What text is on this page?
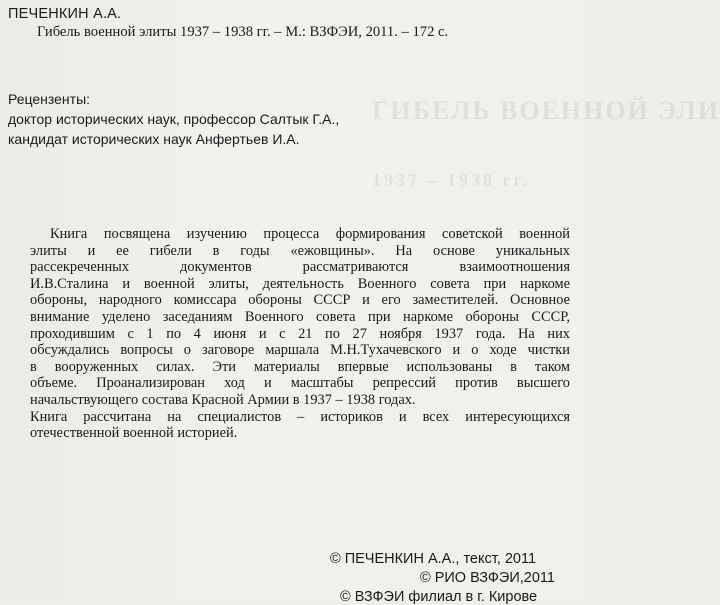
ГИБЕЛЬ ВОЕННОЙ ЭЛИ
1937 – 1938 гг.
ПЕЧЕНКИН А.А.
Гибель военной элиты 1937 – 1938 гг. – М.: ВЗФЭИ, 2011. – 172 с.
Рецензенты:
доктор исторических наук, профессор Салтык Г.А.,
кандидат исторических наук Анфертьев И.А.
Книга посвящена изучению процесса формирования советской военной
элиты и ее гибели в годы «ежовщины». На основе уникальных
рассекреченных документов рассматриваются взаимоотношения
И.В.Сталина и военной элиты, деятельность Военного совета при наркоме
обороны, народного комиссара обороны СССР и его заместителей. Основное
внимание уделено заседаниям Военного совета при наркоме обороны СССР,
проходившим с 1 по 4 июня и с 21 по 27 ноября 1937 года. На них
обсуждались вопросы о заговоре маршала М.Н.Тухачевского и о ходе чистки
в вооруженных силах. Эти материалы впервые использованы в таком
объеме. Проанализирован ход и масштабы репрессий против высшего
начальствующего состава Красной Армии в 1937 – 1938 годах.
Книга рассчитана на специалистов – историков и всех интересующихся
отечественной военной историей.
© ПЕЧЕНКИН А.А., текст, 2011
© РИО ВЗФЭИ,2011
© ВЗФЭИ филиал в г. Кирове
